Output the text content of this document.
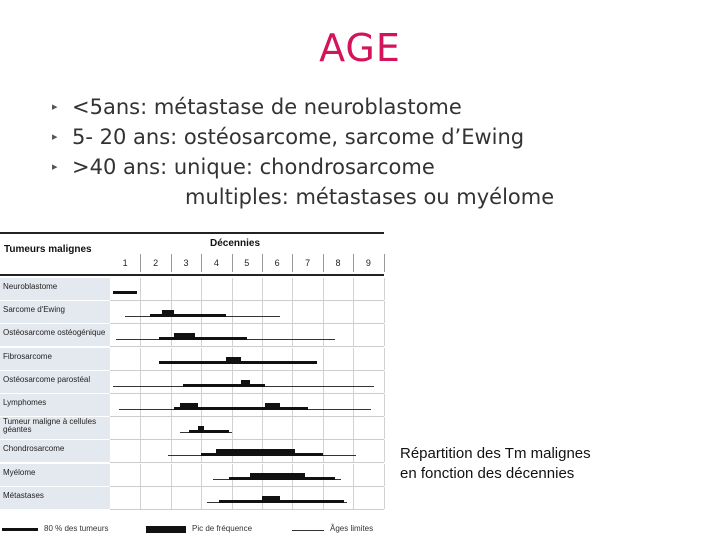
AGE
▸ <5ans: métastase de neuroblastome
▸ 5- 20 ans: ostéosarcome, sarcome d’Ewing
▸ >40 ans: unique: chondrosarcome
multiples: métastases ou myélome
Tumeurs malignes
Décennies
1	2	3	4	5	6	7	8	9
Neuroblastome
Sarcome d'Ewing
Ostéosarcome ostéogénique
Fibrosarcome
Ostéosarcome parostéal
Lymphomes
Tumeur maligne à cellules géantes
Chondrosarcome
Myélome
Métastases
80 % des tumeurs	Pic de fréquence	Âges limites
Répartition des Tm malignes
en fonction des décennies
